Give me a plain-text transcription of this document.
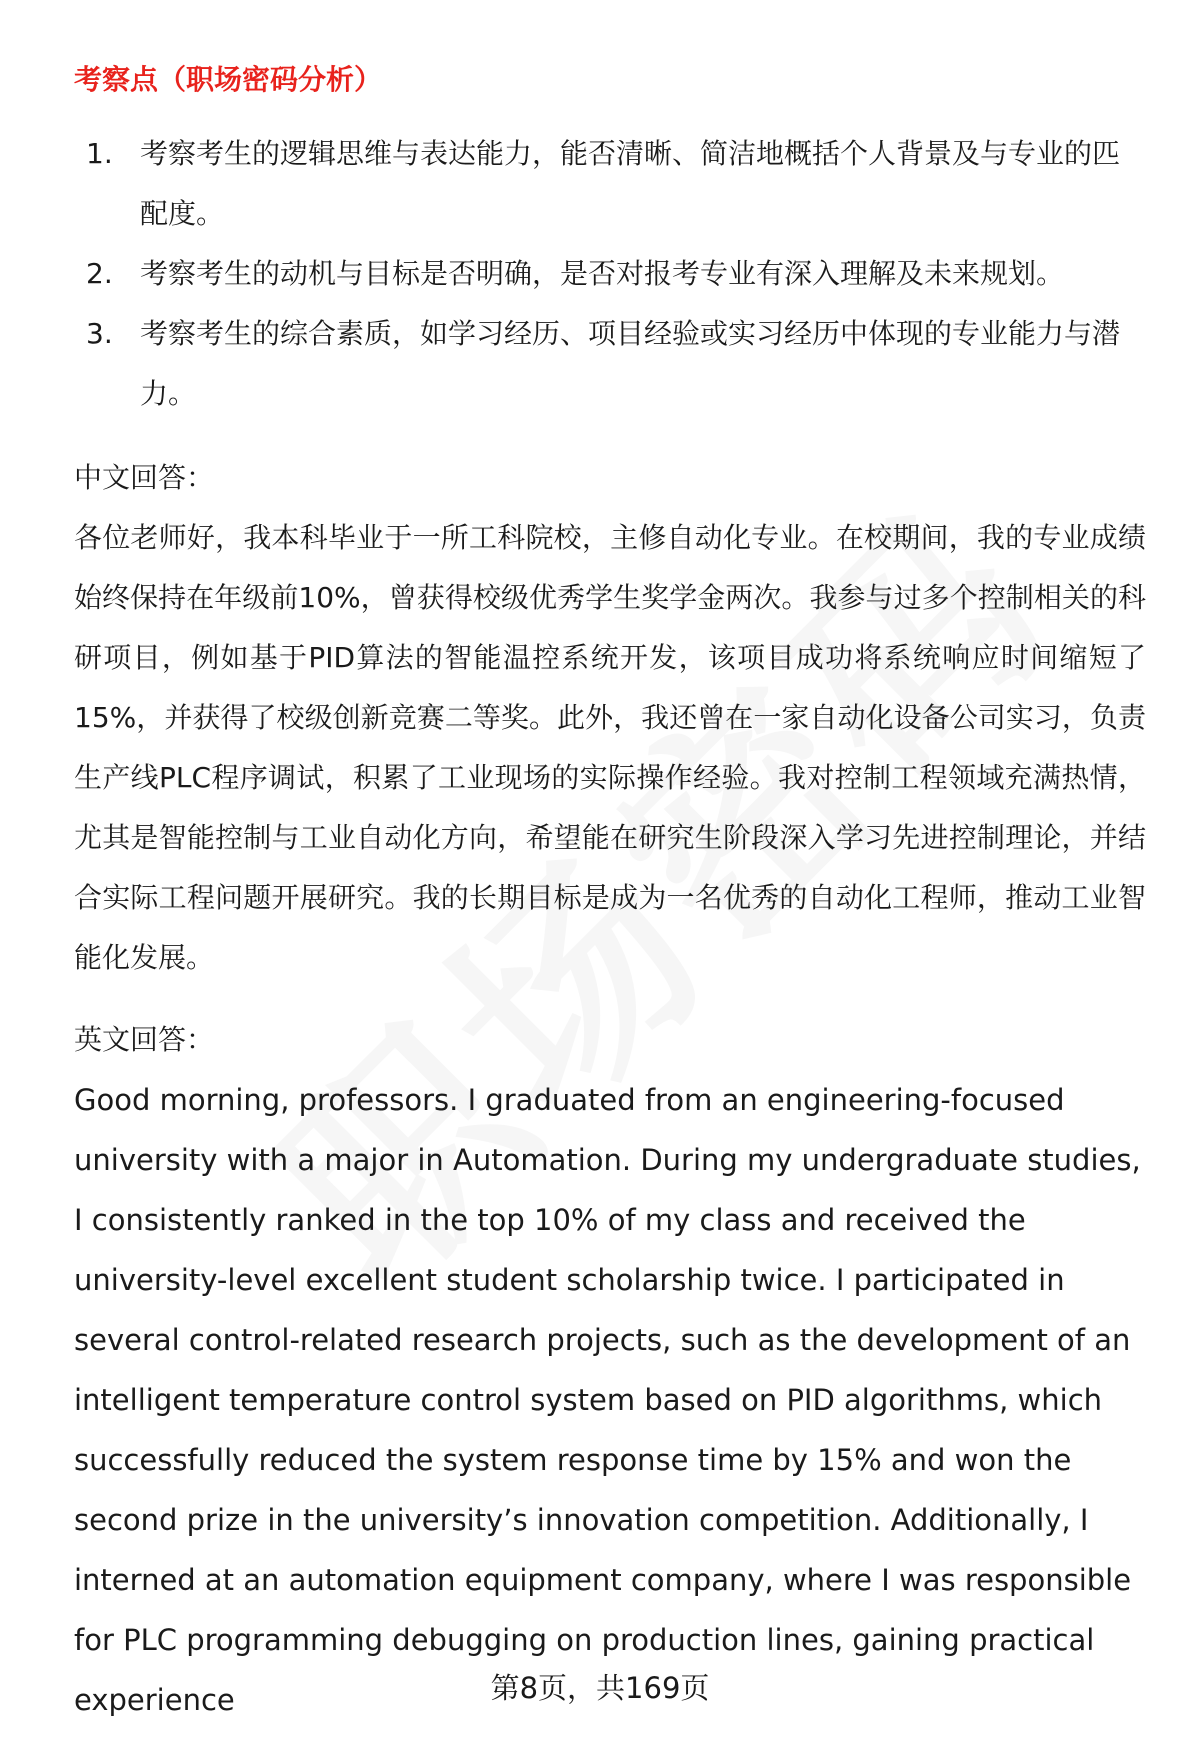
考察点（职场密码分析）
1. 考察考生的逻辑思维与表达能力，能否清晰、简洁地概括个人背景及与专业的匹配度。
2. 考察考生的动机与目标是否明确，是否对报考专业有深入理解及未来规划。
3. 考察考生的综合素质，如学习经历、项目经验或实习经历中体现的专业能力与潜力。
中文回答：

各位老师好，我本科毕业于一所工科院校，主修自动化专业。在校期间，我的专业成绩始终保持在年级前10%，曾获得校级优秀学生奖学金两次。我参与过多个控制相关的科研项目，例如基于PID算法的智能温控系统开发，该项目成功将系统响应时间缩短了15%，并获得了校级创新竞赛二等奖。此外，我还曾在一家自动化设备公司实习，负责生产线PLC程序调试，积累了工业现场的实际操作经验。我对控制工程领域充满热情，尤其是智能控制与工业自动化方向，希望能在研究生阶段深入学习先进控制理论，并结合实际工程问题开展研究。我的长期目标是成为一名优秀的自动化工程师，推动工业智能化发展。

英文回答：

Good morning, professors. I graduated from an engineering-focused university with a major in Automation. During my undergraduate studies, I consistently ranked in the top 10% of my class and received the university-level excellent student scholarship twice. I participated in several control-related research projects, such as the development of an intelligent temperature control system based on PID algorithms, which successfully reduced the system response time by 15% and won the second prize in the university’s innovation competition. Additionally, I interned at an automation equipment company, where I was responsible for PLC programming debugging on production lines, gaining practical experience	第8页，共169页
